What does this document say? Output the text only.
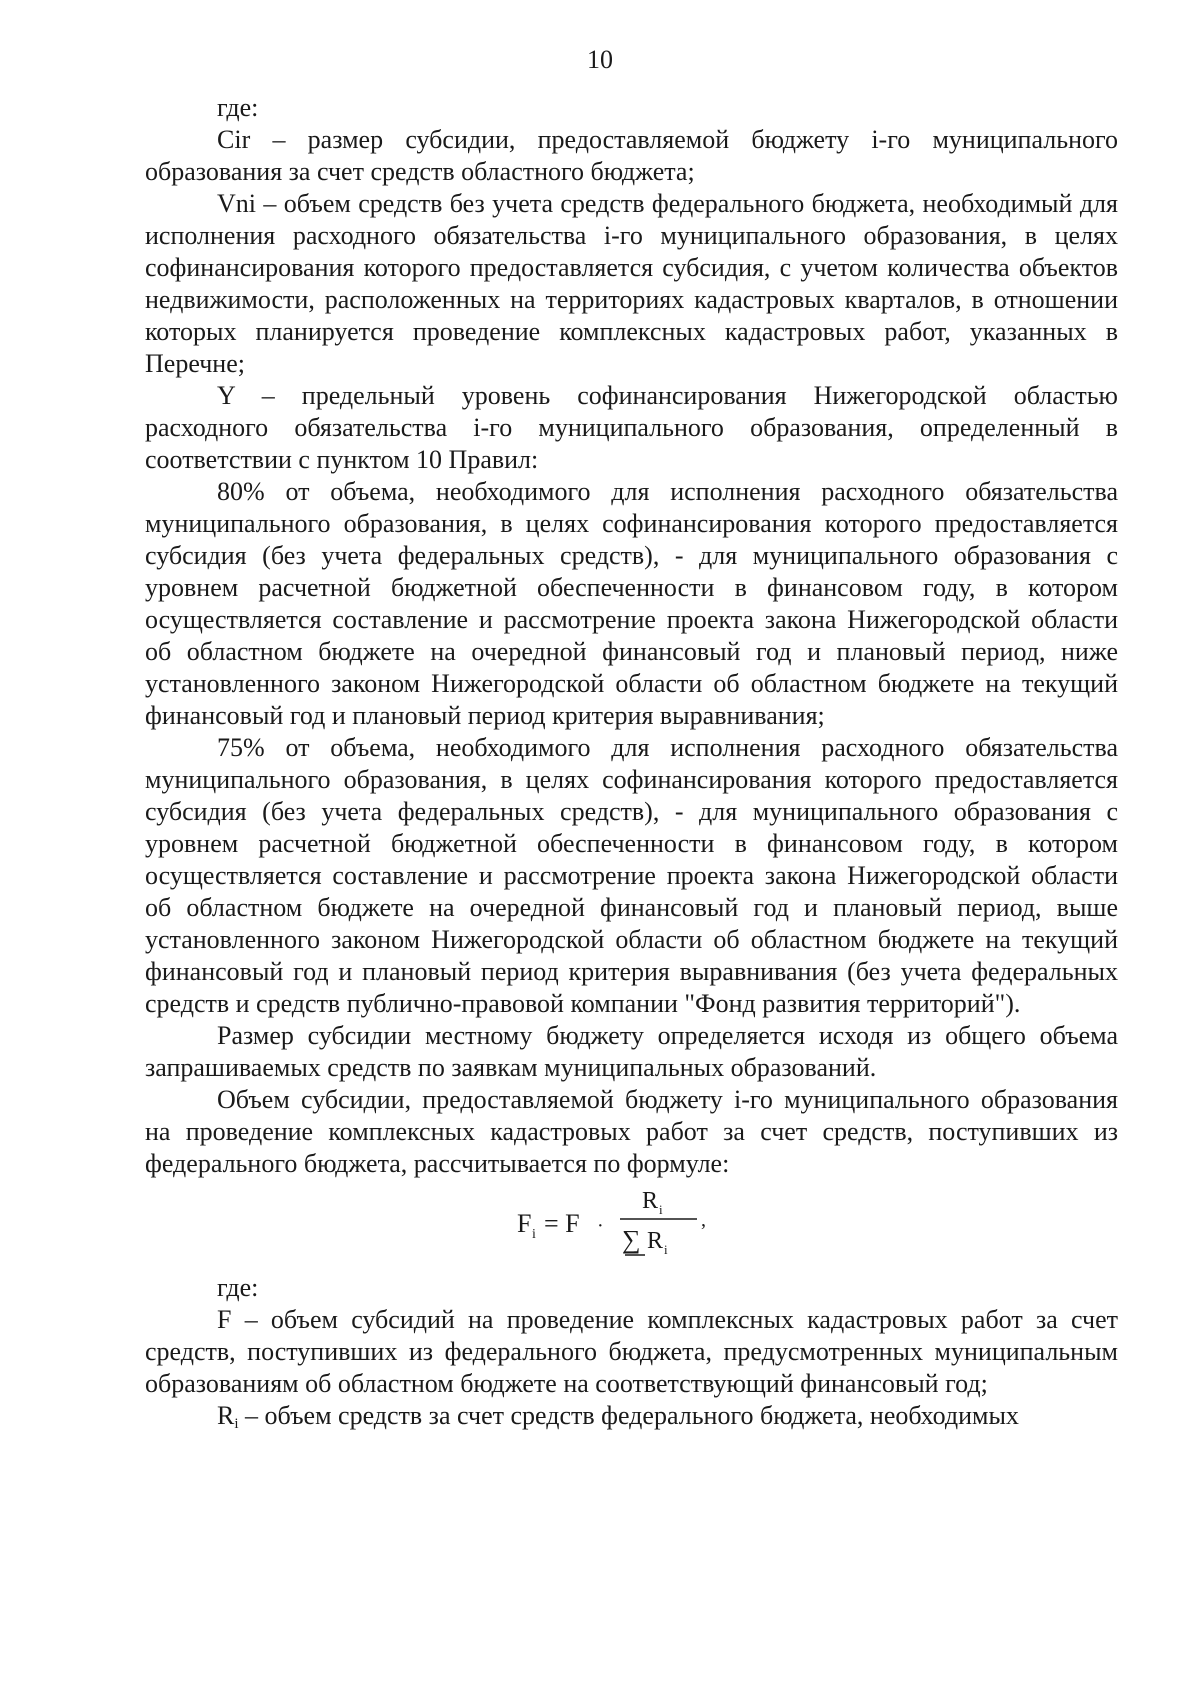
10

где:

Cir – размер субсидии, предоставляемой бюджету i-го муниципального образования за счет средств областного бюджета;

Vni – объем средств без учета средств федерального бюджета, необходимый для исполнения расходного обязательства i-го муниципального образования, в целях софинансирования которого предоставляется субсидия, с учетом количества объектов недвижимости, расположенных на территориях кадастровых кварталов, в отношении которых планируется проведение комплексных кадастровых работ, указанных в Перечне;

Y – предельный уровень софинансирования Нижегородской областью расходного обязательства i-го муниципального образования, определенный в соответствии с пунктом 10 Правил:

80% от объема, необходимого для исполнения расходного обязательства муниципального образования, в целях софинансирования которого предоставляется субсидия (без учета федеральных средств), - для муниципального образования с уровнем расчетной бюджетной обеспеченности в финансовом году, в котором осуществляется составление и рассмотрение проекта закона Нижегородской области об областном бюджете на очередной финансовый год и плановый период, ниже установленного законом Нижегородской области об областном бюджете на текущий финансовый год и плановый период критерия выравнивания;

75% от объема, необходимого для исполнения расходного обязательства муниципального образования, в целях софинансирования которого предоставляется субсидия (без учета федеральных средств), - для муниципального образования с уровнем расчетной бюджетной обеспеченности в финансовом году, в котором осуществляется составление и рассмотрение проекта закона Нижегородской области об областном бюджете на очередной финансовый год и плановый период, выше установленного законом Нижегородской области об областном бюджете на текущий финансовый год и плановый период критерия выравнивания (без учета федеральных средств и средств публично-правовой компании "Фонд развития территорий").

Размер субсидии местному бюджету определяется исходя из общего объема запрашиваемых средств по заявкам муниципальных образований.

Объем субсидии, предоставляемой бюджету i-го муниципального образования на проведение комплексных кадастровых работ за счет средств, поступивших из федерального бюджета, рассчитывается по формуле:

F i = F ·
R i
∑ R i
,

где:

F – объем субсидий на проведение комплексных кадастровых работ за счет средств, поступивших из федерального бюджета, предусмотренных муниципальным образованиям об областном бюджете на соответствующий финансовый год;

$R_i$ – объем средств за счет средств федерального бюджета, необходимых
